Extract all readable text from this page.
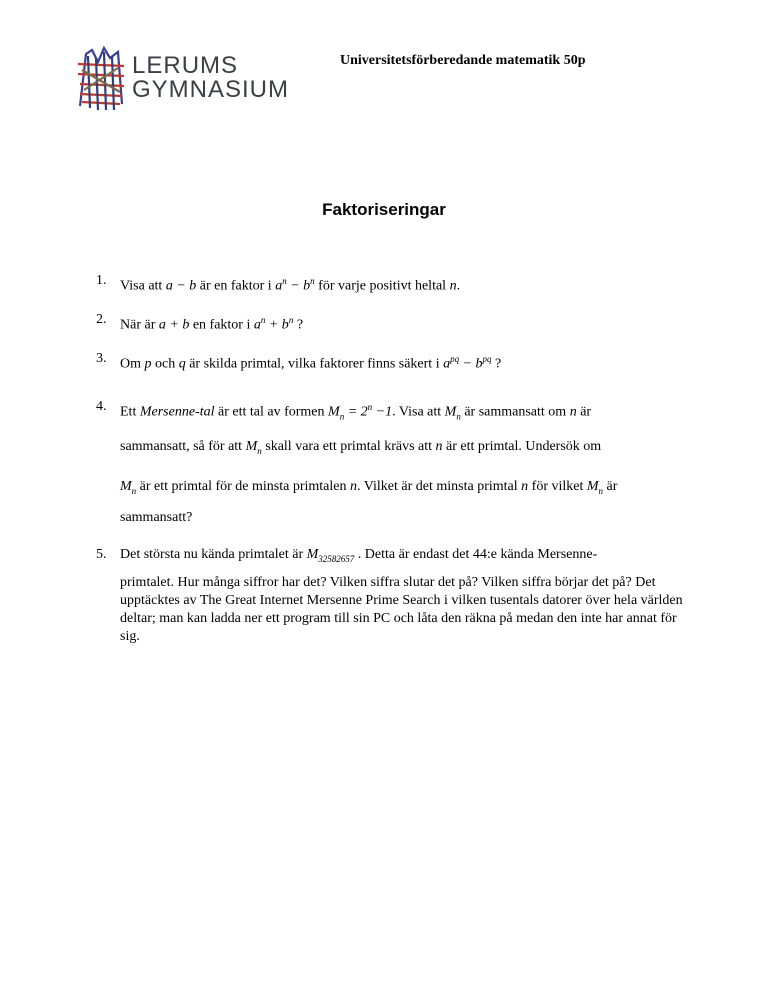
Universitetsförberedande matematik 50p
LERUMS
GYMNASIUM
Faktoriseringar
1. Visa att a − b är en faktor i $a^n - b^n$ för varje positivt heltal n.
2. När är a + b en faktor i $a^n + b^n$ ?
3. Om p och q är skilda primtal, vilka faktorer finns säkert i $a^{pq} - b^{pq}$ ?
4. Ett Mersenne-tal är ett tal av formen $M_n = 2^n -1$. Visa att $M_n$ är sammansatt om n är
sammansatt, så för att $M_n$ skall vara ett primtal krävs att n är ett primtal. Undersök om
$M_n$ är ett primtal för de minsta primtalen n. Vilket är det minsta primtal n för vilket $M_n$ är
sammansatt?
5. Det största nu kända primtalet är $M_{32582657}$ . Detta är endast det 44:e kända Mersenne-
primtalet. Hur många siffror har det? Vilken siffra slutar det på? Vilken siffra börjar det på? Det upptäcktes av The Great Internet Mersenne Prime Search i vilken tusentals datorer över hela världen deltar; man kan ladda ner ett program till sin PC och låta den räkna på medan den inte har annat för sig.
